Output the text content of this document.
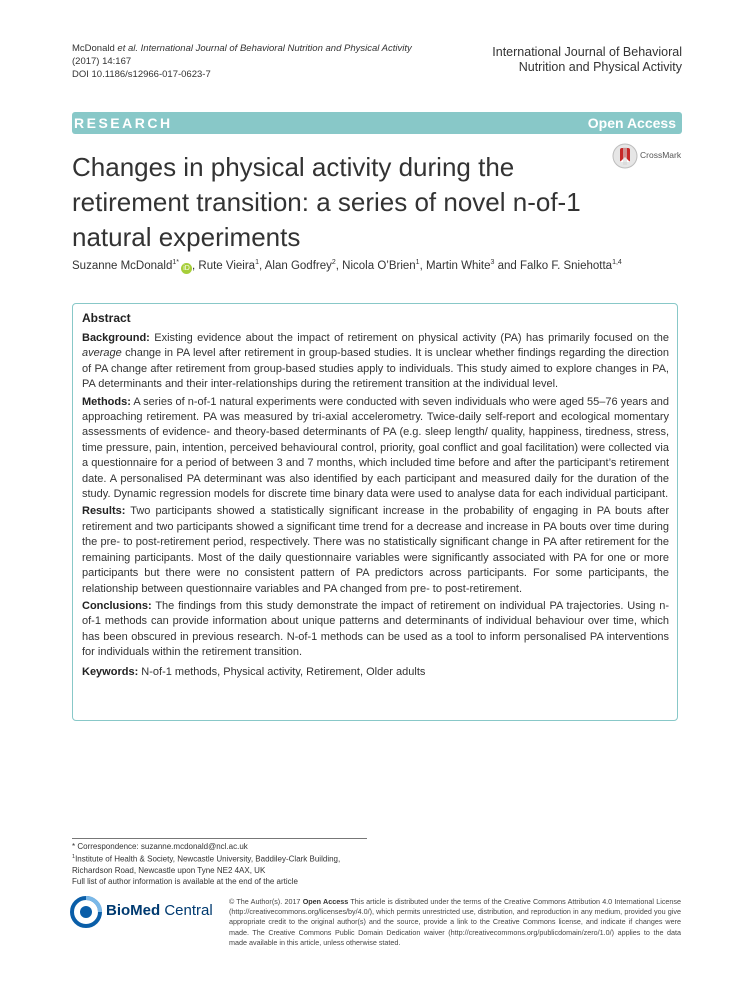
McDonald et al. International Journal of Behavioral Nutrition and Physical Activity
(2017) 14:167
DOI 10.1186/s12966-017-0623-7
International Journal of Behavioral
Nutrition and Physical Activity
RESEARCH	Open Access
Changes in physical activity during the retirement transition: a series of novel n-of-1 natural experiments
CrossMark
Suzanne McDonald$^{1*}$iD , Rute Vieira$^1$, Alan Godfrey$^2$, Nicola O’Brien$^1$, Martin White$^3$ and Falko F. Sniehotta$^{1,4}$
Abstract

Background: Existing evidence about the impact of retirement on physical activity (PA) has primarily focused on the average change in PA level after retirement in group-based studies. It is unclear whether findings regarding the direction of PA change after retirement from group-based studies apply to individuals. This study aimed to explore changes in PA, PA determinants and their inter-relationships during the retirement transition at the individual level.

Methods: A series of n-of-1 natural experiments were conducted with seven individuals who were aged 55–76 years and approaching retirement. PA was measured by tri-axial accelerometry. Twice-daily self-report and ecological momentary assessments of evidence- and theory-based determinants of PA (e.g. sleep length/ quality, happiness, tiredness, stress, time pressure, pain, intention, perceived behavioural control, priority, goal conflict and goal facilitation) were collected via a questionnaire for a period of between 3 and 7 months, which included time before and after the participant’s retirement date. A personalised PA determinant was also identified by each participant and measured daily for the duration of the study. Dynamic regression models for discrete time binary data were used to analyse data for each individual participant.

Results: Two participants showed a statistically significant increase in the probability of engaging in PA bouts after retirement and two participants showed a significant time trend for a decrease and increase in PA bouts over time during the pre- to post-retirement period, respectively. There was no statistically significant change in PA after retirement for the remaining participants. Most of the daily questionnaire variables were significantly associated with PA for one or more participants but there were no consistent pattern of PA predictors across participants. For some participants, the relationship between questionnaire variables and PA changed from pre- to post-retirement.

Conclusions: The findings from this study demonstrate the impact of retirement on individual PA trajectories. Using n-of-1 methods can provide information about unique patterns and determinants of individual behaviour over time, which has been obscured in previous research. N-of-1 methods can be used as a tool to inform personalised PA interventions for individuals within the retirement transition.

Keywords: N-of-1 methods, Physical activity, Retirement, Older adults

* Correspondence: suzanne.mcdonald@ncl.ac.uk
$^1$Institute of Health & Society, Newcastle University, Baddiley-Clark Building,
Richardson Road, Newcastle upon Tyne NE2 4AX, UK
Full list of author information is available at the end of the article
BioMed Central
© The Author(s). 2017 Open Access This article is distributed under the terms of the Creative Commons Attribution 4.0 International License (http://creativecommons.org/licenses/by/4.0/), which permits unrestricted use, distribution, and reproduction in any medium, provided you give appropriate credit to the original author(s) and the source, provide a link to the Creative Commons license, and indicate if changes were made. The Creative Commons Public Domain Dedication waiver (http://creativecommons.org/publicdomain/zero/1.0/) applies to the data made available in this article, unless otherwise stated.
